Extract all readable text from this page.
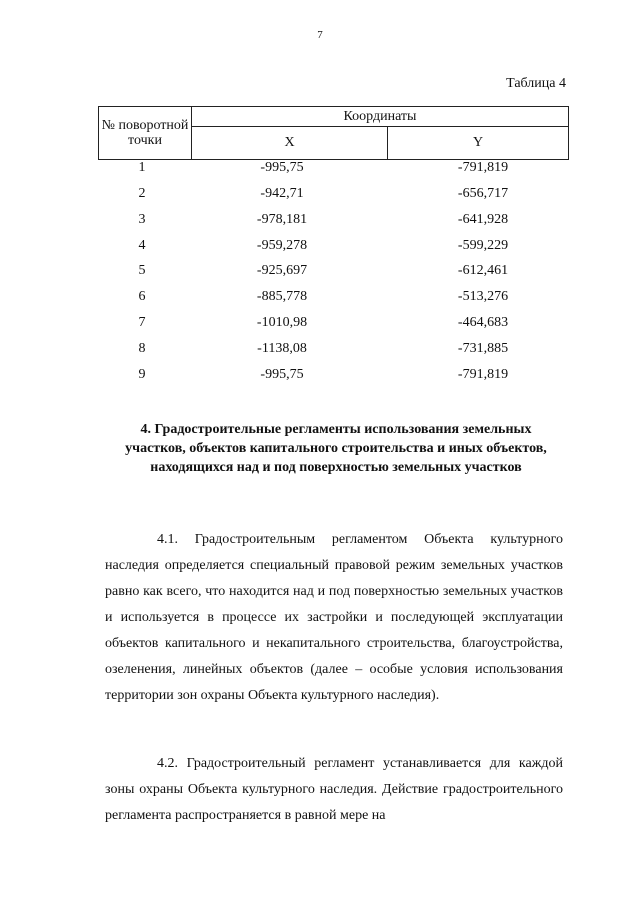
7
Таблица 4
№ поворотной точки	Координаты	
	X	Y
1	-995,75	-791,819
2	-942,71	-656,717
3	-978,181	-641,928
4	-959,278	-599,229
5	-925,697	-612,461
6	-885,778	-513,276
7	-1010,98	-464,683
8	-1138,08	-731,885
9	-995,75	-791,819
4. Градостроительные регламенты использования земельных участков, объектов капитального строительства и иных объектов, находящихся над и под поверхностью земельных участков

4.1. Градостроительным регламентом Объекта культурного наследия определяется специальный правовой режим земельных участков равно как всего, что находится над и под поверхностью земельных участков и используется в процессе их застройки и последующей эксплуатации объектов капитального и некапитального строительства, благоустройства, озеленения, линейных объектов (далее – особые условия использования территории зон охраны Объекта культурного наследия).

4.2. Градостроительный регламент устанавливается для каждой зоны охраны Объекта культурного наследия. Действие градостроительного регламента распространяется в равной мере на
